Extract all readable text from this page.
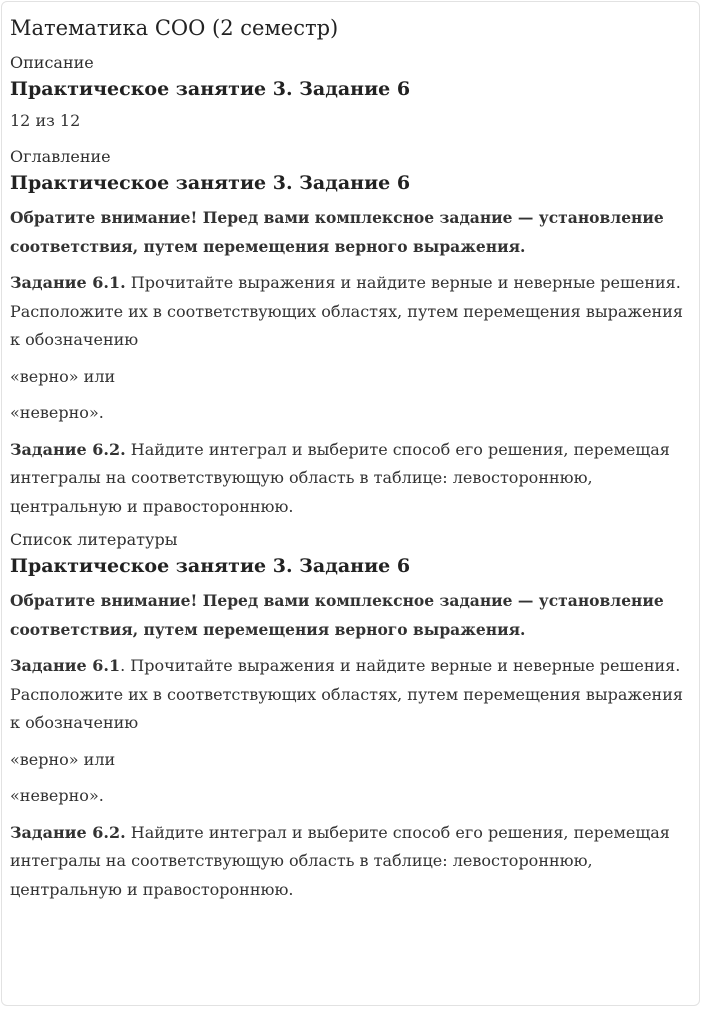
Математика СОО (2 семестр)
Описание
Практическое занятие 3. Задание 6
12 из 12
Оглавление
Практическое занятие 3. Задание 6
Обратите внимание! Перед вами комплексное задание — установление соответствия, путем перемещения верного выражения.
Задание 6.1. Прочитайте выражения и найдите верные и неверные решения. Расположите их в соответствующих областях, путем перемещения выражения к обозначению
«верно» или
«неверно».
Задание 6.2. Найдите интеграл и выберите способ его решения, перемещая интегралы на соответствующую область в таблице: левостороннюю, центральную и правостороннюю.
Список литературы
Практическое занятие 3. Задание 6
Обратите внимание! Перед вами комплексное задание — установление соответствия, путем перемещения верного выражения.
Задание 6.1. Прочитайте выражения и найдите верные и неверные решения. Расположите их в соответствующих областях, путем перемещения выражения к обозначению
«верно» или
«неверно».
Задание 6.2. Найдите интеграл и выберите способ его решения, перемещая интегралы на соответствующую область в таблице: левостороннюю, центральную и правостороннюю.
